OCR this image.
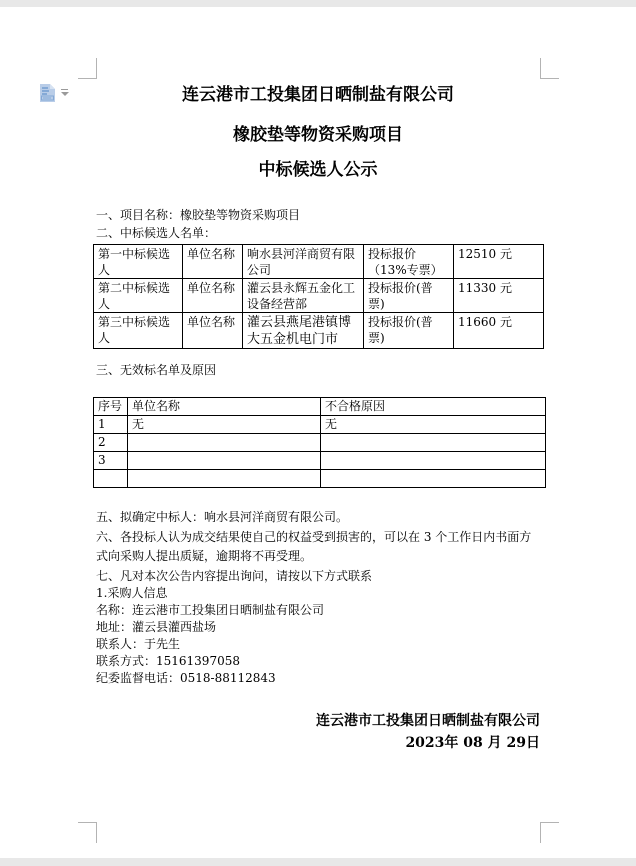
连云港市工投集团日晒制盐有限公司
橡胶垫等物资采购项目
中标候选人公示
一、项目名称：橡胶垫等物资采购项目
二、中标候选人名单：
第一中标候选人	单位名称	响水县河洋商贸有限公司	投标报价（13%专票）	12510 元
第二中标候选人	单位名称	灌云县永辉五金化工设备经营部	投标报价(普票)	11330 元
第三中标候选人	单位名称	灌云县燕尾港镇博大五金机电门市	投标报价(普票)	11660 元
三、无效标名单及原因
序号	单位名称	不合格原因
1	无	无
2		
3		

五、拟确定中标人：响水县河洋商贸有限公司。

六、各投标人认为成交结果使自己的权益受到损害的，可以在 3 个工作日内书面方式向采购人提出质疑，逾期将不再受理。

七、凡对本次公告内容提出询问，请按以下方式联系

1.采购人信息

名称：连云港市工投集团日晒制盐有限公司

地址：灌云县灌西盐场

联系人：于先生

联系方式：15161397058

纪委监督电话：0518-88112843

连云港市工投集团日晒制盐有限公司
2023年 08 月 29日
